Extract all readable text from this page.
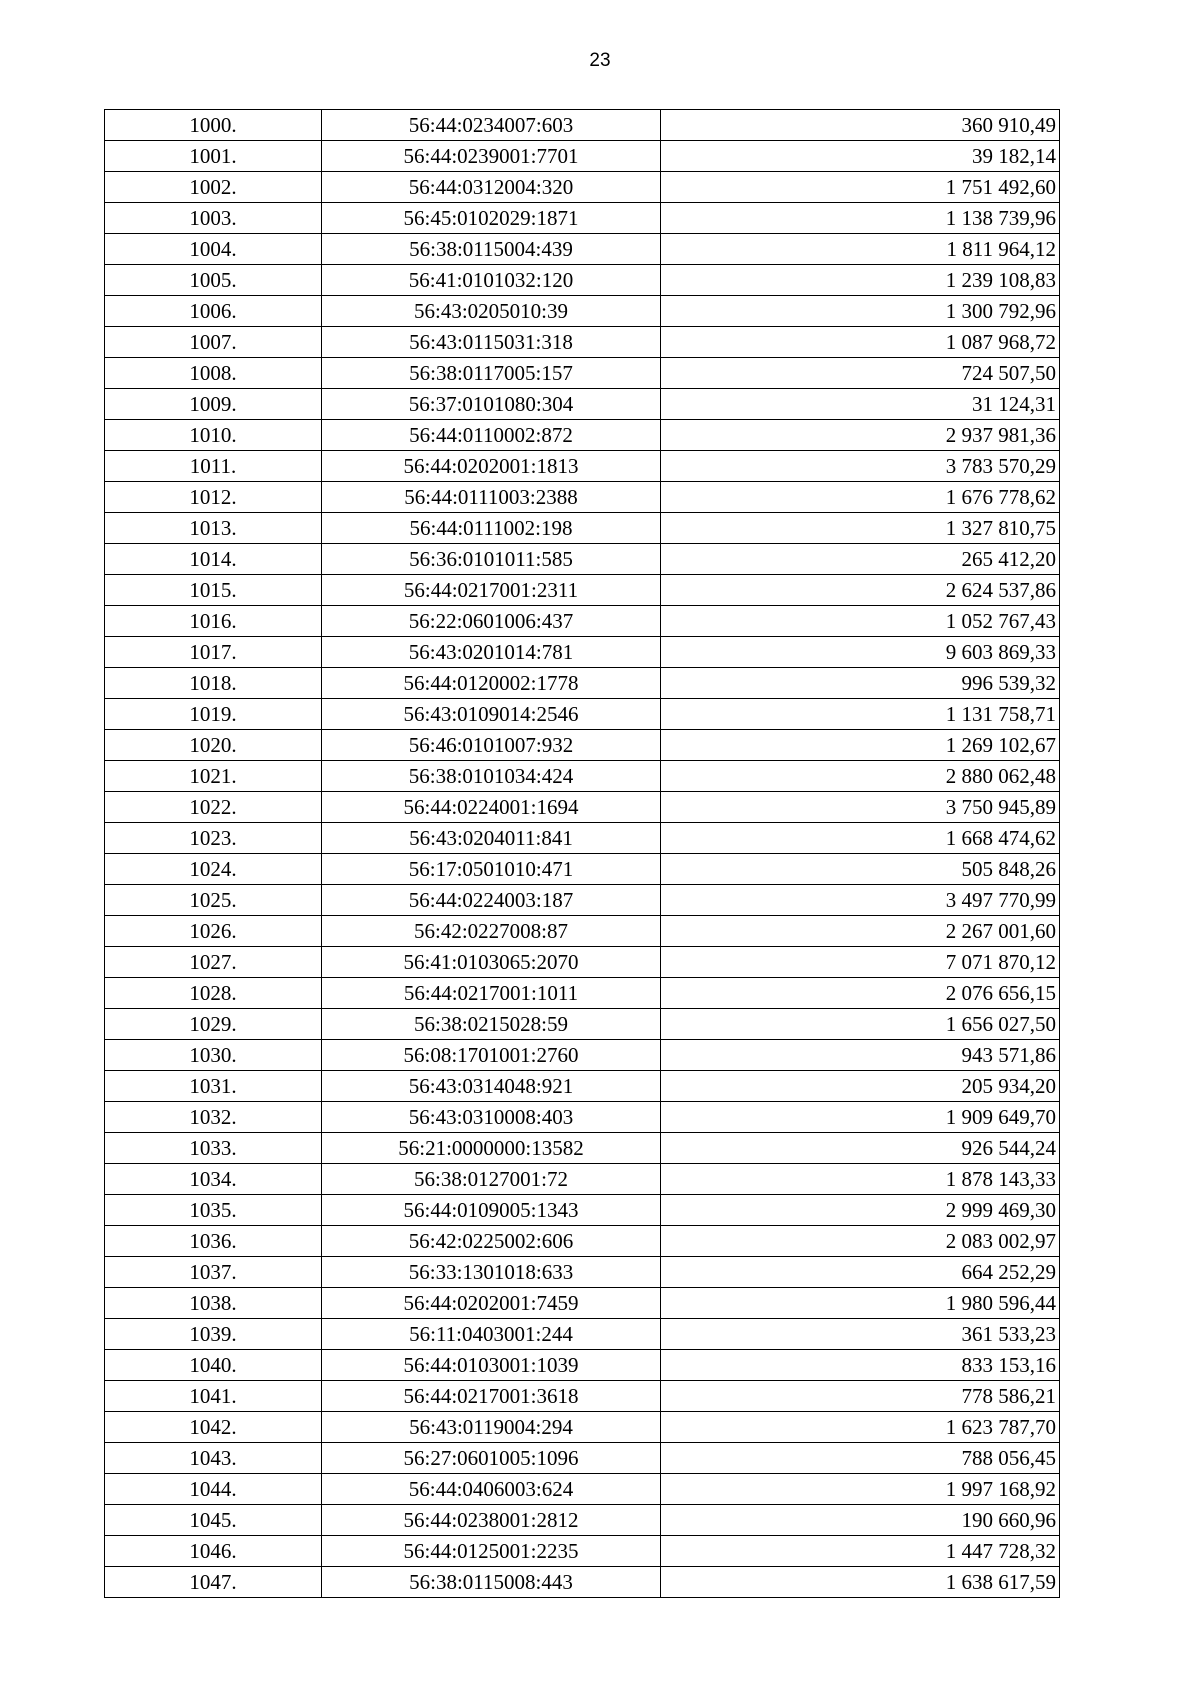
23
1000.	56:44:0234007:603	360 910,49
1001.	56:44:0239001:7701	39 182,14
1002.	56:44:0312004:320	1 751 492,60
1003.	56:45:0102029:1871	1 138 739,96
1004.	56:38:0115004:439	1 811 964,12
1005.	56:41:0101032:120	1 239 108,83
1006.	56:43:0205010:39	1 300 792,96
1007.	56:43:0115031:318	1 087 968,72
1008.	56:38:0117005:157	724 507,50
1009.	56:37:0101080:304	31 124,31
1010.	56:44:0110002:872	2 937 981,36
1011.	56:44:0202001:1813	3 783 570,29
1012.	56:44:0111003:2388	1 676 778,62
1013.	56:44:0111002:198	1 327 810,75
1014.	56:36:0101011:585	265 412,20
1015.	56:44:0217001:2311	2 624 537,86
1016.	56:22:0601006:437	1 052 767,43
1017.	56:43:0201014:781	9 603 869,33
1018.	56:44:0120002:1778	996 539,32
1019.	56:43:0109014:2546	1 131 758,71
1020.	56:46:0101007:932	1 269 102,67
1021.	56:38:0101034:424	2 880 062,48
1022.	56:44:0224001:1694	3 750 945,89
1023.	56:43:0204011:841	1 668 474,62
1024.	56:17:0501010:471	505 848,26
1025.	56:44:0224003:187	3 497 770,99
1026.	56:42:0227008:87	2 267 001,60
1027.	56:41:0103065:2070	7 071 870,12
1028.	56:44:0217001:1011	2 076 656,15
1029.	56:38:0215028:59	1 656 027,50
1030.	56:08:1701001:2760	943 571,86
1031.	56:43:0314048:921	205 934,20
1032.	56:43:0310008:403	1 909 649,70
1033.	56:21:0000000:13582	926 544,24
1034.	56:38:0127001:72	1 878 143,33
1035.	56:44:0109005:1343	2 999 469,30
1036.	56:42:0225002:606	2 083 002,97
1037.	56:33:1301018:633	664 252,29
1038.	56:44:0202001:7459	1 980 596,44
1039.	56:11:0403001:244	361 533,23
1040.	56:44:0103001:1039	833 153,16
1041.	56:44:0217001:3618	778 586,21
1042.	56:43:0119004:294	1 623 787,70
1043.	56:27:0601005:1096	788 056,45
1044.	56:44:0406003:624	1 997 168,92
1045.	56:44:0238001:2812	190 660,96
1046.	56:44:0125001:2235	1 447 728,32
1047.	56:38:0115008:443	1 638 617,59
